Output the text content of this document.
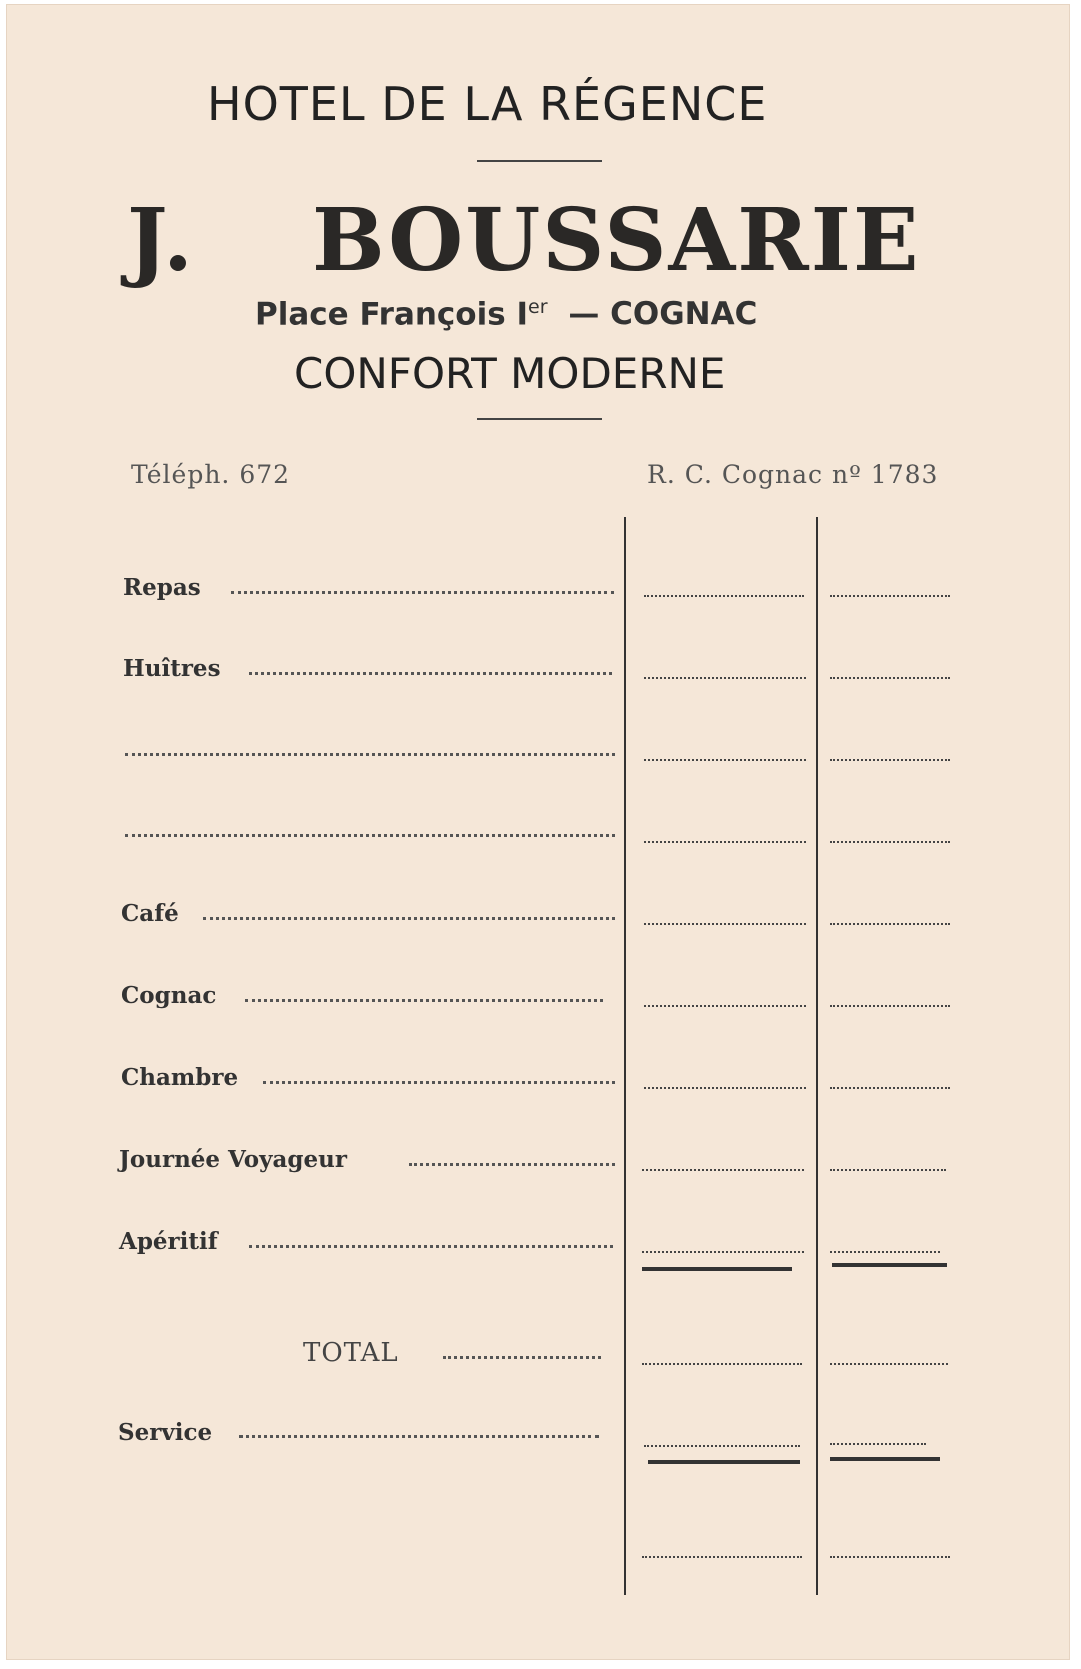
HOTEL DE LA RÉGENCE
J. BOUSSARIE
Place François Ier — COGNAC
CONFORT MODERNE
Téléph. 672	R. C. Cognac nº 1783
Repas
Huîtres
Café
Cognac
Chambre
Journée Voyageur
Apéritif
TOTAL
Service
